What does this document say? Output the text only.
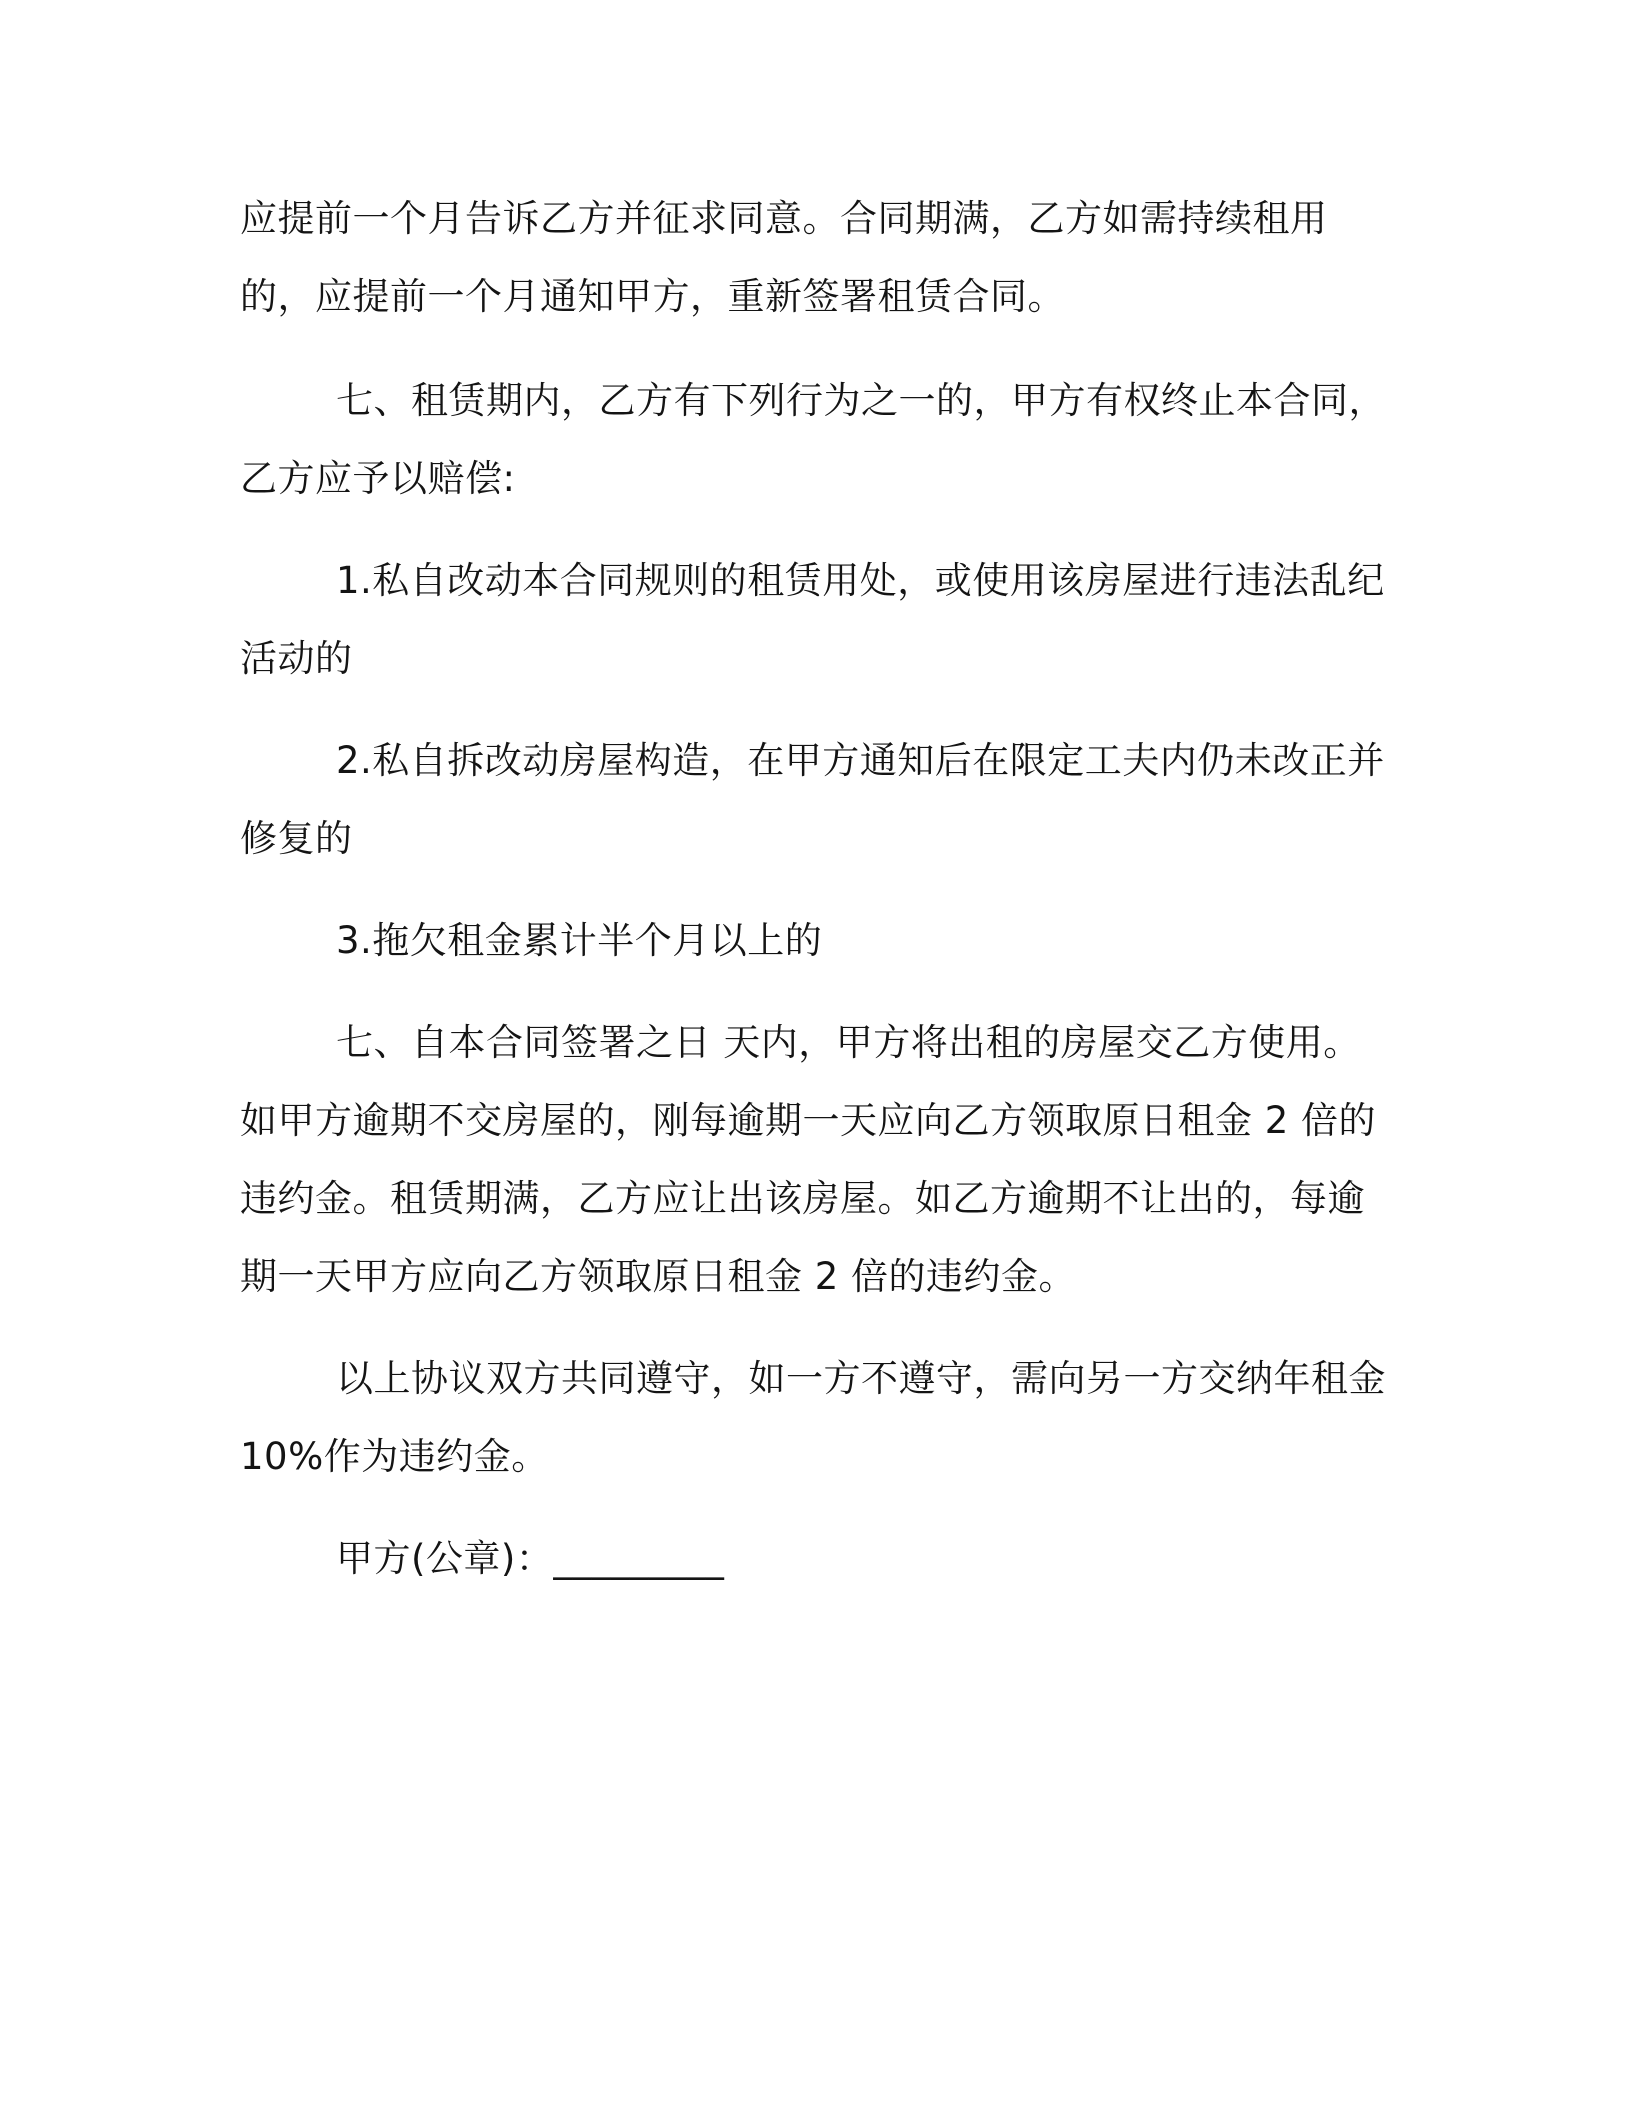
应提前一个月告诉乙方并征求同意。合同期满，乙方如需持续租用的，应提前一个月通知甲方，重新签署租赁合同。

七、租赁期内，乙方有下列行为之一的，甲方有权终止本合同，乙方应予以赔偿:

1.私自改动本合同规则的租赁用处，或使用该房屋进行违法乱纪活动的

2.私自拆改动房屋构造，在甲方通知后在限定工夫内仍未改正并修复的

3.拖欠租金累计半个月以上的

七、自本合同签署之日 天内，甲方将出租的房屋交乙方使用。如甲方逾期不交房屋的，刚每逾期一天应向乙方领取原日租金 2 倍的违约金。租赁期满，乙方应让出该房屋。如乙方逾期不让出的，每逾期一天甲方应向乙方领取原日租金 2 倍的违约金。

以上协议双方共同遵守，如一方不遵守，需向另一方交纳年租金 10%作为违约金。

甲方(公章)：_________
